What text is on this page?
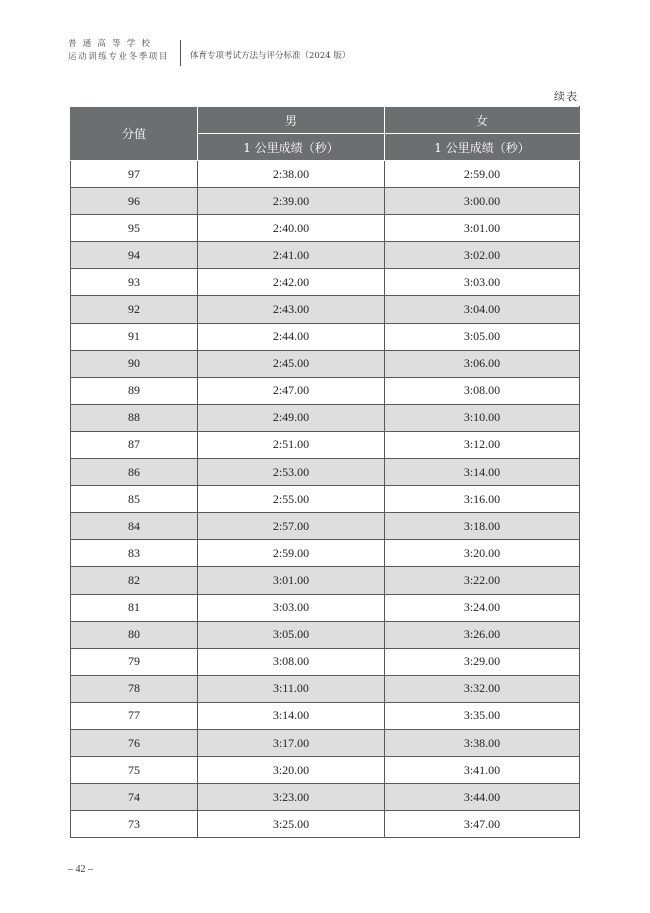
普通高等学校
运动训练专业冬季项目	体育专项考试方法与评分标准（2024 版）
续表
分值	男	女
	1 公里成绩（秒）	1 公里成绩（秒）
97	2:38.00	2:59.00
96	2:39.00	3:00.00
95	2:40.00	3:01.00
94	2:41.00	3:02.00
93	2:42.00	3:03.00
92	2:43.00	3:04.00
91	2:44.00	3:05.00
90	2:45.00	3:06.00
89	2:47.00	3:08.00
88	2:49.00	3:10.00
87	2:51.00	3:12.00
86	2:53.00	3:14.00
85	2:55.00	3:16.00
84	2:57.00	3:18.00
83	2:59.00	3:20.00
82	3:01.00	3:22.00
81	3:03.00	3:24.00
80	3:05.00	3:26.00
79	3:08.00	3:29.00
78	3:11.00	3:32.00
77	3:14.00	3:35.00
76	3:17.00	3:38.00
75	3:20.00	3:41.00
74	3:23.00	3:44.00
73	3:25.00	3:47.00
– 42 –
